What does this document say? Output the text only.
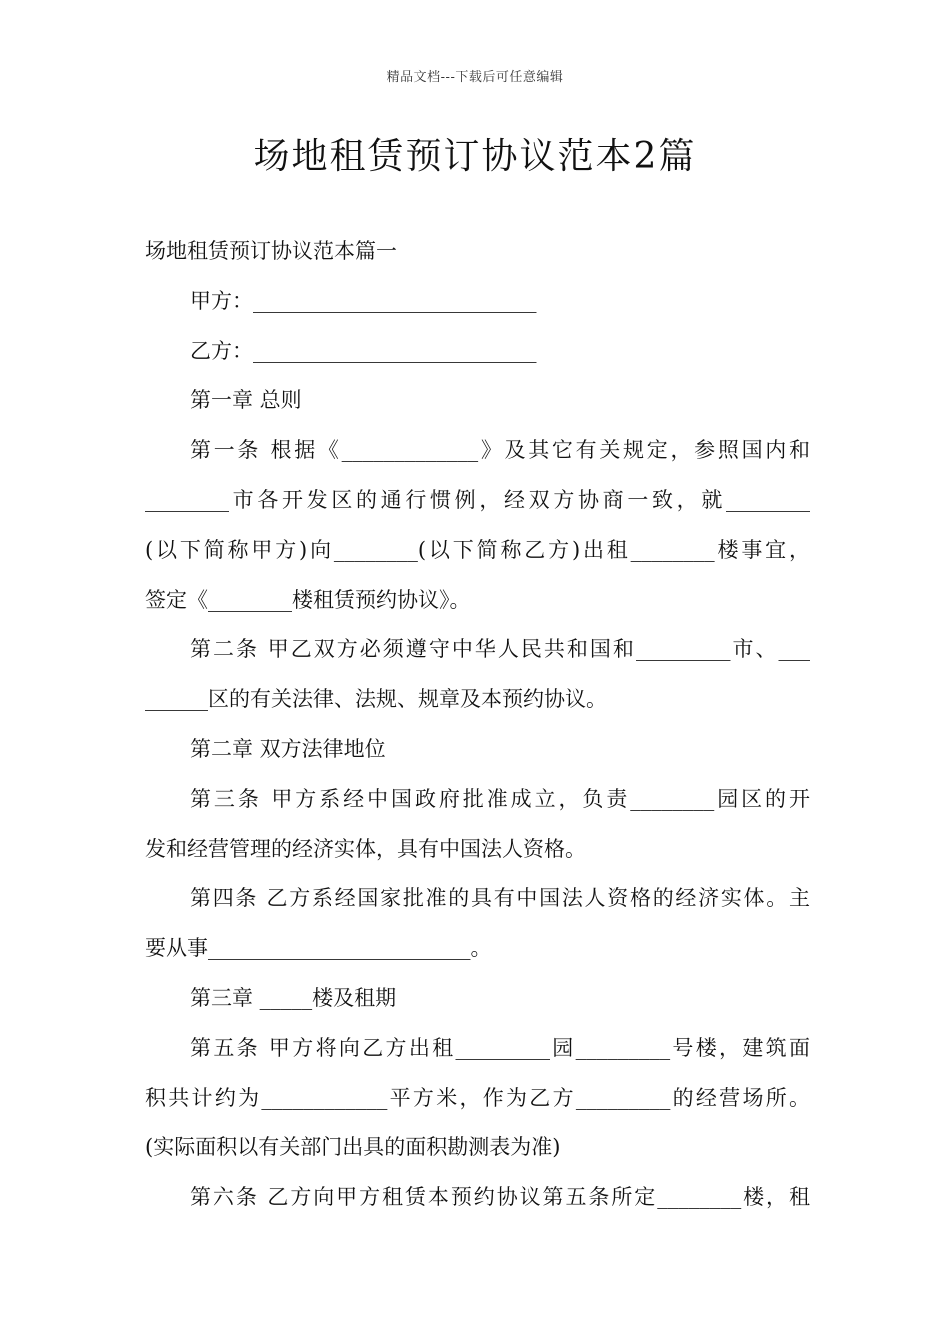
精品文档---下载后可任意编辑
场地租赁预订协议范本2篇
场地租赁预订协议范本篇一
甲方：___________________________
乙方：___________________________
第一章 总则
第一条 根据《_____________》及其它有关规定，参照国内和
________市各开发区的通行惯例，经双方协商一致，就________
(以下简称甲方)向________(以下简称乙方)出租________楼事宜，
签定《________楼租赁预约协议》。
第二条 甲乙双方必须遵守中华人民共和国和_________市、___
______区的有关法律、法规、规章及本预约协议。
第二章 双方法律地位
第三条 甲方系经中国政府批准成立，负责________园区的开
发和经营管理的经济实体，具有中国法人资格。
第四条 乙方系经国家批准的具有中国法人资格的经济实体。主
要从事_________________________。
第三章 _____楼及租期
第五条 甲方将向乙方出租_________园_________号楼，建筑面
积共计约为____________平方米，作为乙方_________的经营场所。
(实际面积以有关部门出具的面积勘测表为准)
第六条 乙方向甲方租赁本预约协议第五条所定________楼，租
